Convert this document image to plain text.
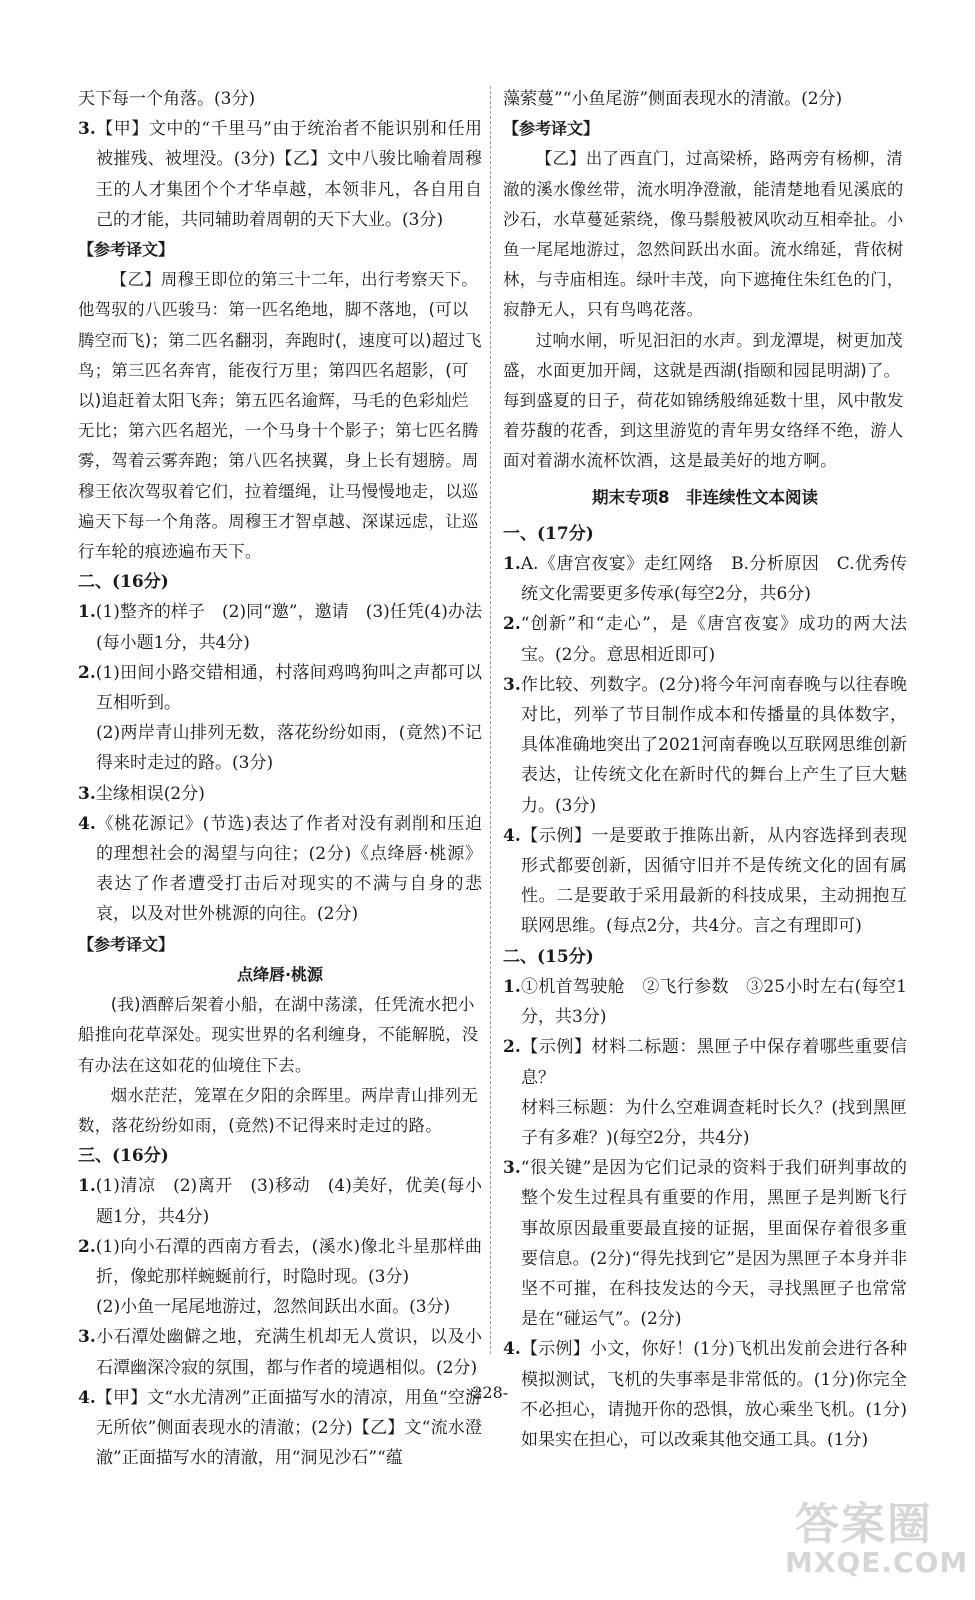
天下每一个角落。(3分)

3.【甲】文中的“千里马”由于统治者不能识别和任用被摧残、被埋没。(3分)【乙】文中八骏比喻着周穆王的人才集团个个才华卓越，本领非凡，各自用自己的才能，共同辅助着周朝的天下大业。(3分)

【参考译文】

【乙】周穆王即位的第三十二年，出行考察天下。他驾驭的八匹骏马：第一匹名绝地，脚不落地，(可以腾空而飞)；第二匹名翻羽，奔跑时(，速度可以)超过飞鸟；第三匹名奔宵，能夜行万里；第四匹名超影，(可以)追赶着太阳飞奔；第五匹名逾辉，马毛的色彩灿烂无比；第六匹名超光，一个马身十个影子；第七匹名腾雾，驾着云雾奔跑；第八匹名挟翼，身上长有翅膀。周穆王依次驾驭着它们，拉着缰绳，让马慢慢地走，以巡遍天下每一个角落。周穆王才智卓越、深谋远虑，让巡行车轮的痕迹遍布天下。

二、(16分)

1.(1)整齐的样子　(2)同“邀”，邀请　(3)任凭(4)办法(每小题1分，共4分)

2.(1)田间小路交错相通，村落间鸡鸣狗叫之声都可以互相听到。

(2)两岸青山排列无数，落花纷纷如雨，(竟然)不记得来时走过的路。(3分)

3.尘缘相误(2分)

4.《桃花源记》(节选)表达了作者对没有剥削和压迫的理想社会的渴望与向往；(2分)《点绛唇·桃源》表达了作者遭受打击后对现实的不满与自身的悲哀，以及对世外桃源的向往。(2分)

【参考译文】

点绛唇·桃源

(我)酒醉后架着小船，在湖中荡漾，任凭流水把小船推向花草深处。现实世界的名利缠身，不能解脱，没有办法在这如花的仙境住下去。

烟水茫茫，笼罩在夕阳的余晖里。两岸青山排列无数，落花纷纷如雨，(竟然)不记得来时走过的路。

三、(16分)

1.(1)清凉　(2)离开　(3)移动　(4)美好，优美(每小题1分，共4分)

2.(1)向小石潭的西南方看去，(溪水)像北斗星那样曲折，像蛇那样蜿蜒前行，时隐时现。(3分)

(2)小鱼一尾尾地游过，忽然间跃出水面。(3分)

3.小石潭处幽僻之地，充满生机却无人赏识，以及小石潭幽深冷寂的氛围，都与作者的境遇相似。(2分)

4.【甲】文“水尤清冽”正面描写水的清凉，用鱼“空游无所依”侧面表现水的清澈；(2分)【乙】文“流水澄澈”正面描写水的清澈，用“洞见沙石”“蕴

藻萦蔓”“小鱼尾游”侧面表现水的清澈。(2分)

【参考译文】

【乙】出了西直门，过高梁桥，路两旁有杨柳，清澈的溪水像丝带，流水明净澄澈，能清楚地看见溪底的沙石，水草蔓延萦绕，像马鬃般被风吹动互相牵扯。小鱼一尾尾地游过，忽然间跃出水面。流水绵延，背依树林，与寺庙相连。绿叶丰茂，向下遮掩住朱红色的门，寂静无人，只有鸟鸣花落。

过响水闸，听见汩汩的水声。到龙潭堤，树更加茂盛，水面更加开阔，这就是西湖(指颐和园昆明湖)了。每到盛夏的日子，荷花如锦绣般绵延数十里，风中散发着芬馥的花香，到这里游览的青年男女络绎不绝，游人面对着湖水流杯饮酒，这是最美好的地方啊。

期末专项8　非连续性文本阅读

一、(17分)

1.A.《唐宫夜宴》走红网络　B.分析原因　C.优秀传统文化需要更多传承(每空2分，共6分)

2.“创新”和“走心”，是《唐宫夜宴》成功的两大法宝。(2分。意思相近即可)

3.作比较、列数字。(2分)将今年河南春晚与以往春晚对比，列举了节目制作成本和传播量的具体数字，具体准确地突出了2021河南春晚以互联网思维创新表达，让传统文化在新时代的舞台上产生了巨大魅力。(3分)

4.【示例】一是要敢于推陈出新，从内容选择到表现形式都要创新，因循守旧并不是传统文化的固有属性。二是要敢于采用最新的科技成果，主动拥抱互联网思维。(每点2分，共4分。言之有理即可)

二、(15分)

1.①机首驾驶舱　②飞行参数　③25小时左右(每空1分，共3分)

2.【示例】材料二标题：黑匣子中保存着哪些重要信息？

材料三标题：为什么空难调查耗时长久？(找到黑匣子有多难？)(每空2分，共4分)

3.“很关键”是因为它们记录的资料于我们研判事故的整个发生过程具有重要的作用，黑匣子是判断飞行事故原因最重要最直接的证据，里面保存着很多重要信息。(2分)“得先找到它”是因为黑匣子本身并非坚不可摧，在科技发达的今天，寻找黑匣子也常常是在“碰运气”。(2分)

4.【示例】小文，你好！(1分)飞机出发前会进行各种模拟测试，飞机的失事率是非常低的。(1分)你完全不必担心，请抛开你的恐惧，放心乘坐飞机。(1分)如果实在担心，可以改乘其他交通工具。(1分)

-228-
答案圈
MXQE.COM
